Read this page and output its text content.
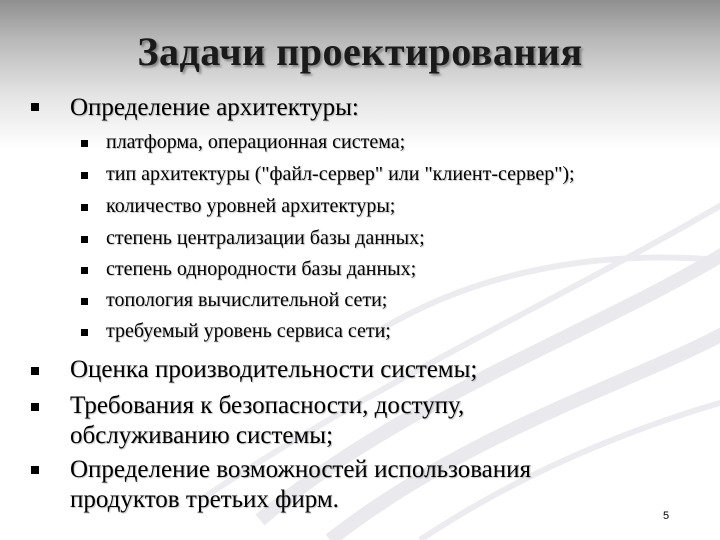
Задачи проектирования
Определение архитектуры:
платформа, операционная система;
тип архитектуры ("файл-сервер" или "клиент-сервер");
количество уровней архитектуры;
степень централизации базы данных;
степень однородности базы данных;
топология вычислительной сети;
требуемый уровень сервиса сети;
Оценка производительности системы;
Требования к безопасности, доступу,
обслуживанию системы;
Определение возможностей использования
продуктов третьих фирм.
5
